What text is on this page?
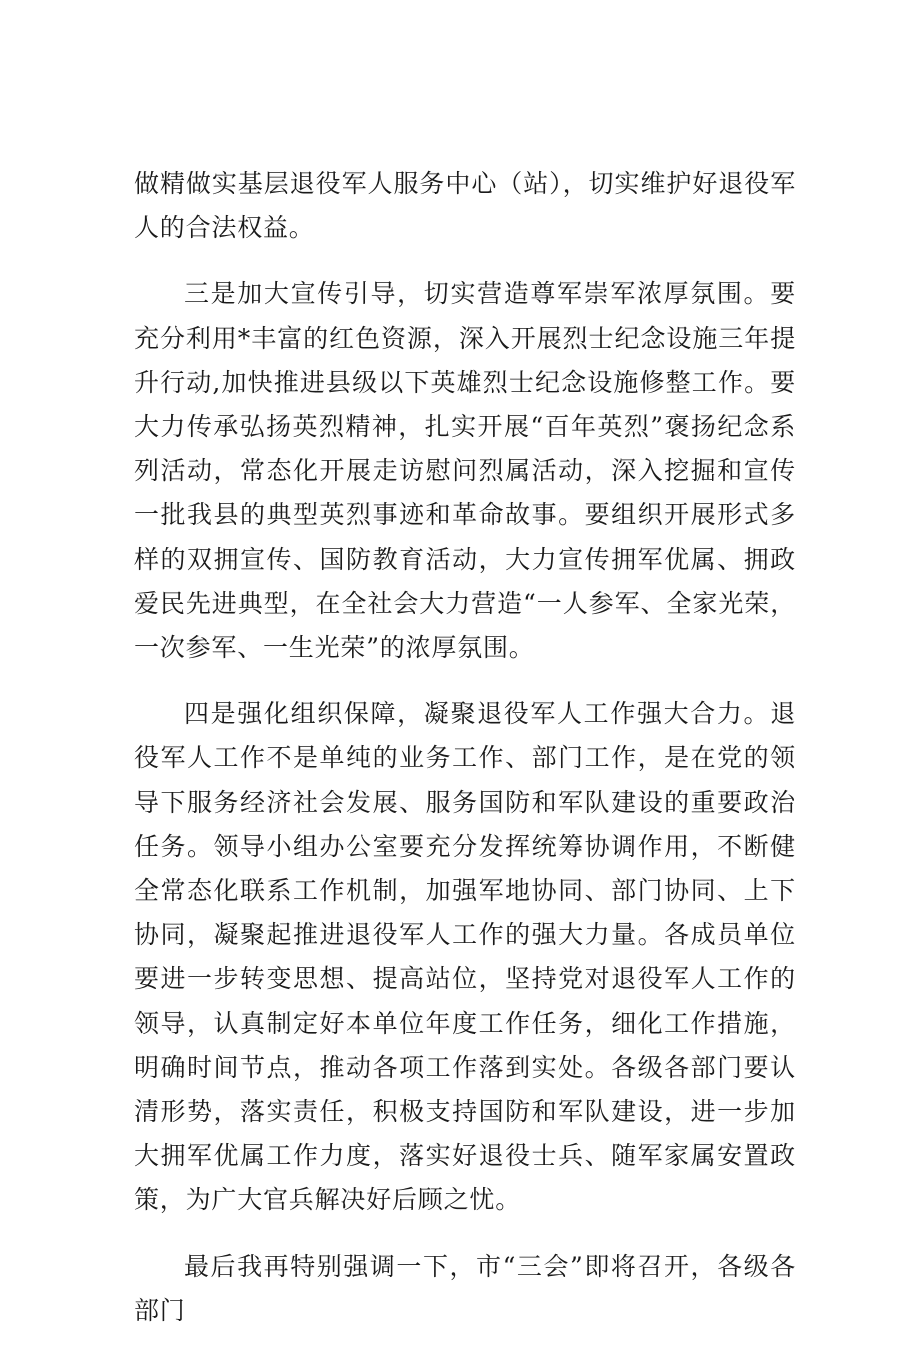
做精做实基层退役军人服务中心（站），切实维护好退役军人的合法权益。

三是加大宣传引导，切实营造尊军崇军浓厚氛围。要充分利用*丰富的红色资源，深入开展烈士纪念设施三年提升行动,加快推进县级以下英雄烈士纪念设施修整工作。要大力传承弘扬英烈精神，扎实开展“百年英烈”褒扬纪念系列活动，常态化开展走访慰问烈属活动，深入挖掘和宣传一批我县的典型英烈事迹和革命故事。要组织开展形式多样的双拥宣传、国防教育活动，大力宣传拥军优属、拥政爱民先进典型，在全社会大力营造“一人参军、全家光荣，一次参军、一生光荣”的浓厚氛围。

四是强化组织保障，凝聚退役军人工作强大合力。退役军人工作不是单纯的业务工作、部门工作，是在党的领导下服务经济社会发展、服务国防和军队建设的重要政治任务。领导小组办公室要充分发挥统筹协调作用，不断健全常态化联系工作机制，加强军地协同、部门协同、上下协同，凝聚起推进退役军人工作的强大力量。各成员单位要进一步转变思想、提高站位，坚持党对退役军人工作的领导，认真制定好本单位年度工作任务，细化工作措施，明确时间节点，推动各项工作落到实处。各级各部门要认清形势，落实责任，积极支持国防和军队建设，进一步加大拥军优属工作力度，落实好退役士兵、随军家属安置政策，为广大官兵解决好后顾之忧。

最后我再特别强调一下，市“三会”即将召开，各级各部门
